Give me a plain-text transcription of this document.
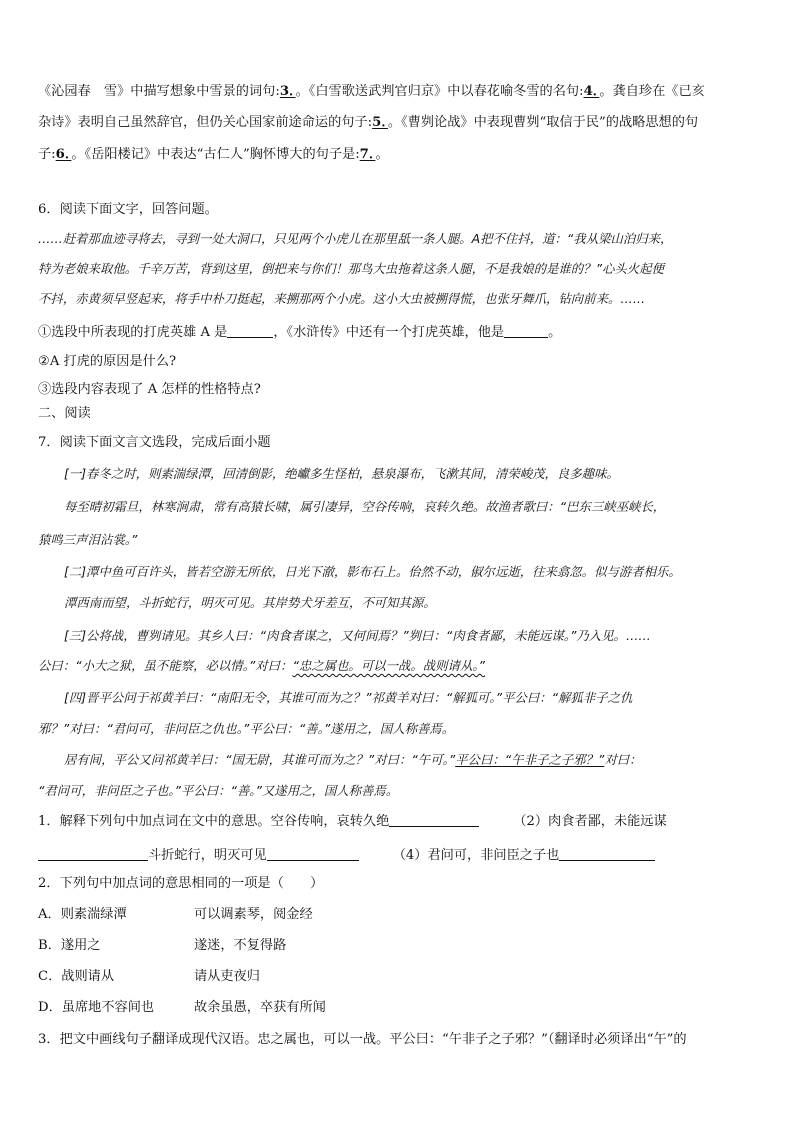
《沁园春　雪》中描写想象中雪景的词句:3．。《白雪歌送武判官归京》中以春花喻冬雪的名句:4．。龚自珍在《已亥
杂诗》表明自己虽然辞官，但仍关心国家前途命运的句子:5．。《曹刿论战》中表现曹刿“取信于民”的战略思想的句
子:6．。《岳阳楼记》中表达“古仁人”胸怀博大的句子是:7．。
6．阅读下面文字，回答问题。
……赶着那血迹寻将去，寻到一处大洞口，只见两个小虎儿在那里舐一条人腿。A把不住抖，道：“我从梁山泊归来，
特为老娘来取他。千辛万苦，背到这里，倒把来与你们！那鸟大虫拖着这条人腿，不是我娘的是谁的？”心头火起便
不抖，赤黄须早竖起来，将手中朴刀挺起，来搠那两个小虎。这小大虫被搠得慌，也张牙舞爪，钻向前来。……
①选段中所表现的打虎英雄 A 是	，《水浒传》中还有一个打虎英雄，他是	。
②A 打虎的原因是什么?
③选段内容表现了 A 怎样的性格特点?
二、阅读
7．阅读下面文言文选段，完成后面小题
[一]春冬之时，则素湍绿潭，回清倒影，绝巘多生怪柏，悬泉瀑布，飞漱其间，清荣峻茂，良多趣味。
每至晴初霜旦，林寒涧肃，常有高猿长啸，属引凄异，空谷传响，哀转久绝。故渔者歌曰：“巴东三峡巫峡长，
猿鸣三声泪沾裳。”
[二]潭中鱼可百许头，皆若空游无所依，日光下澈，影布石上。佁然不动，俶尔远逝，往来翕忽。似与游者相乐。
潭西南而望，斗折蛇行，明灭可见。其岸势犬牙差互，不可知其源。
[三]公将战，曹刿请见。其乡人曰：“肉食者谋之，又何间焉？”刿曰：“肉食者鄙，未能远谋。”乃入见。……
公曰：“小大之狱，虽不能察，必以情。”对曰：“忠之属也。可以一战。战则请从。”
[四]晋平公问于祁黄羊曰：“南阳无令，其谁可而为之？”祁黄羊对曰：“解狐可。”平公曰：“解狐非子之仇
邪？”对曰：“君问可，非问臣之仇也。”平公曰：“善。”遂用之，国人称善焉。
居有间，平公又问祁黄羊曰：“国无尉，其谁可而为之？”对曰：“午可。”平公曰：“午非子之子邪？”对曰：
“君问可，非问臣之子也。”平公曰：“善。”又遂用之，国人称善焉。
1．解释下列句中加点词在文中的意思。空谷传响，哀转久绝	（2）肉食者鄙，未能远谋
斗折蛇行，明灭可见	（4）君问可，非问臣之子也
2．下列句中加点词的意思相同的一项是（　　）
A．则素湍绿潭	可以调素琴，阅金经
B．遂用之	遂迷，不复得路
C．战则请从	请从吏夜归
D．虽席地不容间也	故余虽愚，卒获有所闻
3．把文中画线句子翻译成现代汉语。忠之属也，可以一战。平公曰：“午非子之子邪？”（翻译时必须译出“午”的
